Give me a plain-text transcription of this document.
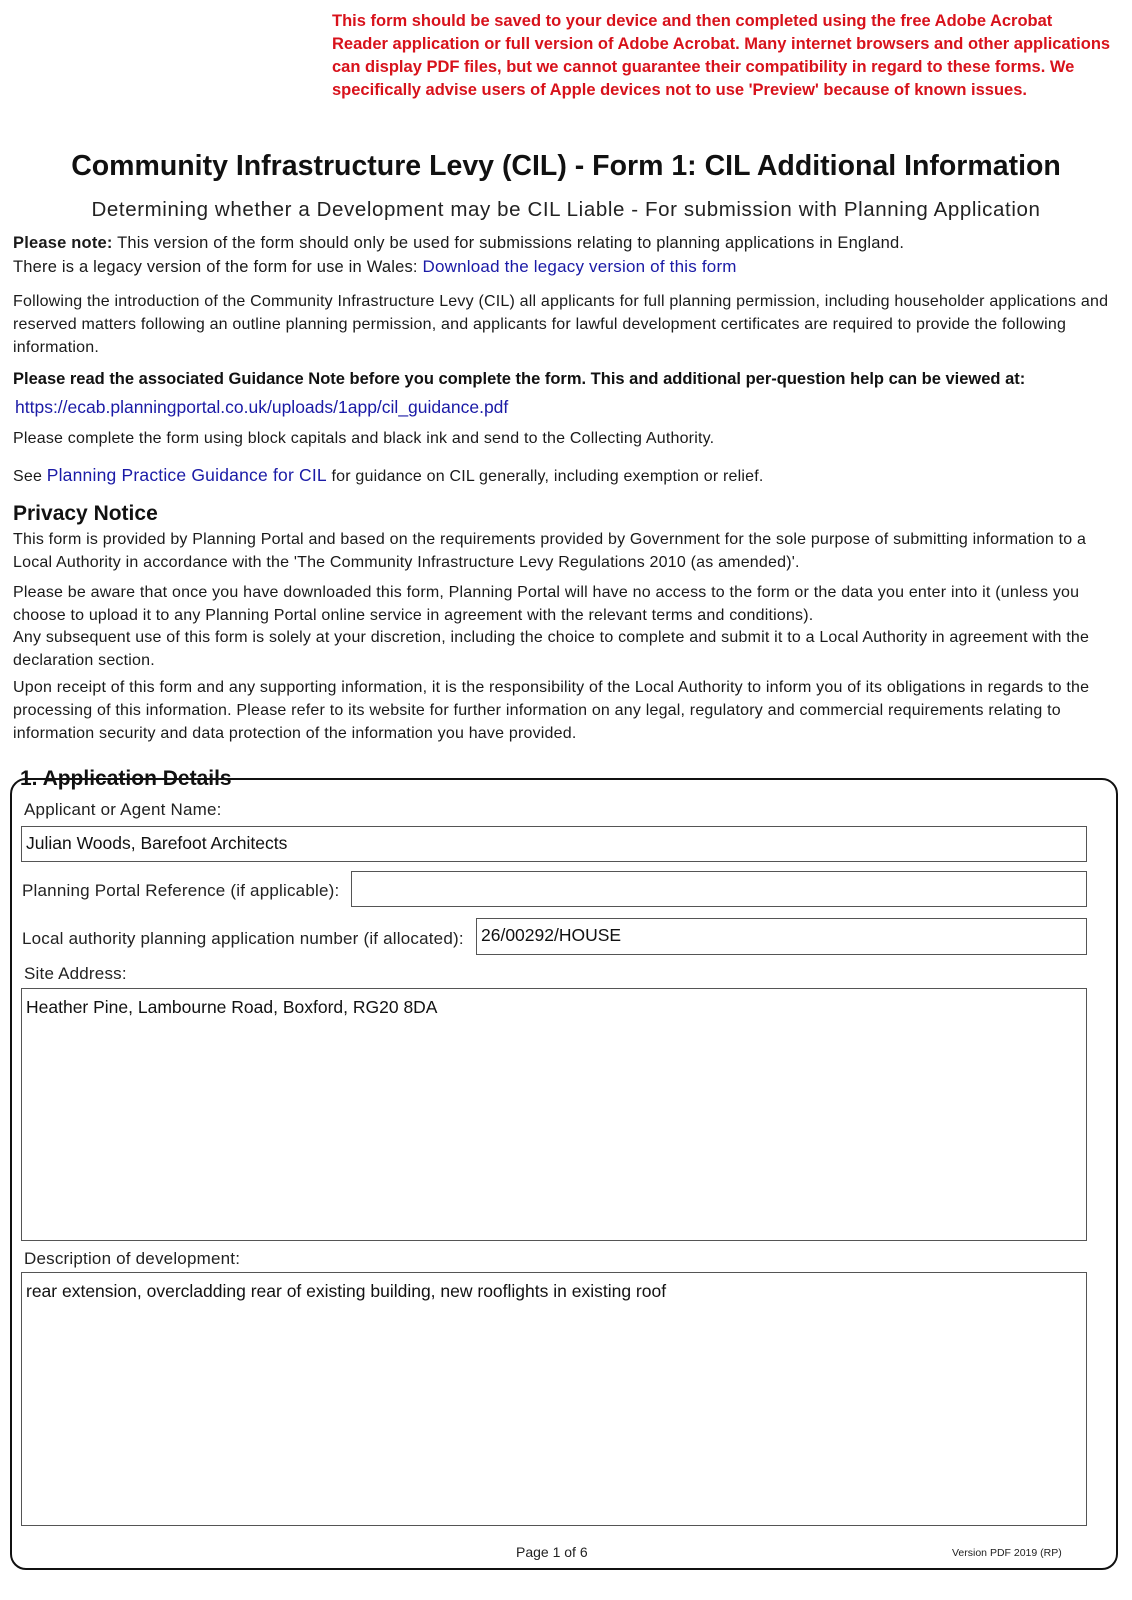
This form should be saved to your device and then completed using the free Adobe Acrobat Reader application or full version of Adobe Acrobat. Many internet browsers and other applications can display PDF files, but we cannot guarantee their compatibility in regard to these forms. We specifically advise users of Apple devices not to use 'Preview' because of known issues.
Community Infrastructure Levy (CIL) - Form 1: CIL Additional Information
Determining whether a Development may be CIL Liable - For submission with Planning Application
Please note: This version of the form should only be used for submissions relating to planning applications in England.
There is a legacy version of the form for use in Wales: Download the legacy version of this form
Following the introduction of the Community Infrastructure Levy (CIL) all applicants for full planning permission, including householder applications and reserved matters following an outline planning permission, and applicants for lawful development certificates are required to provide the following information.
Please read the associated Guidance Note before you complete the form. This and additional per-question help can be viewed at:
https://ecab.planningportal.co.uk/uploads/1app/cil_guidance.pdf
Please complete the form using block capitals and black ink and send to the Collecting Authority.
See Planning Practice Guidance for CIL for guidance on CIL generally, including exemption or relief.
Privacy Notice
This form is provided by Planning Portal and based on the requirements provided by Government for the sole purpose of submitting information to a Local Authority in accordance with the 'The Community Infrastructure Levy Regulations 2010 (as amended)'.
Please be aware that once you have downloaded this form, Planning Portal will have no access to the form or the data you enter into it (unless you choose to upload it to any Planning Portal online service in agreement with the relevant terms and conditions).
Any subsequent use of this form is solely at your discretion, including the choice to complete and submit it to a Local Authority in agreement with the declaration section.
Upon receipt of this form and any supporting information, it is the responsibility of the Local Authority to inform you of its obligations in regards to the processing of this information. Please refer to its website for further information on any legal, regulatory and commercial requirements relating to information security and data protection of the information you have provided.
1. Application Details
Applicant or Agent Name:
Julian Woods, Barefoot Architects
Planning Portal Reference (if applicable):
Local authority planning application number (if allocated): 26/00292/HOUSE
Site Address:
Heather Pine, Lambourne Road, Boxford, RG20 8DA
Description of development:
rear extension, overcladding rear of existing building, new rooflights in existing roof
Page 1 of 6	Version PDF 2019 (RP)
